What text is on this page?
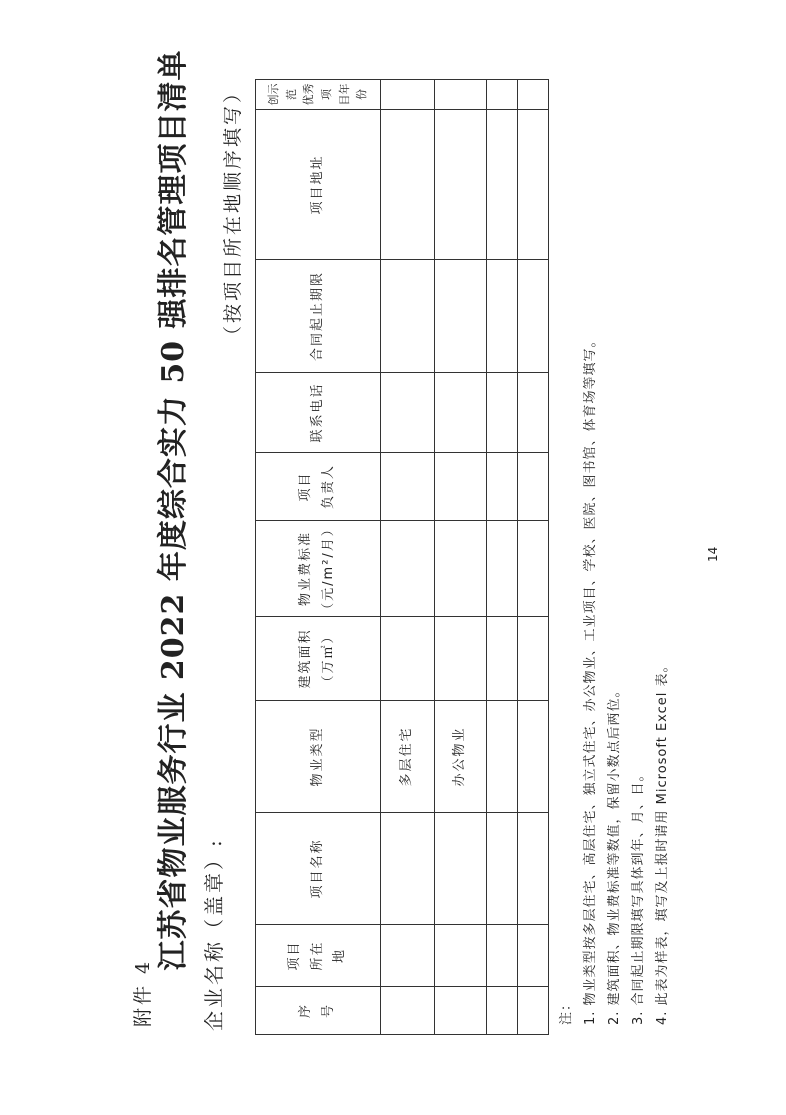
附件 4
江苏省物业服务行业 2022 年度综合实力 50 强排名管理项目清单 企业名称（盖章）:
（按项目所在地顺序填写）
序 号	项目 所在 地	项目名称	物业类型	建筑面积 （万㎡）	物业费标准 （元/m²/月）	项目 负责人	联系电话	合同起止期限	项目地址	创示范 优秀项 目年份
			多层住宅							
			办公物业							

注： 1. 物业类型按多层住宅、高层住宅、独立式住宅、办公物业、工业项目、学校、医院、图书馆、体育场等填写。 2. 建筑面积、物业费标准等数值，保留小数点后两位。 3. 合同起止期限填写具体到年、月、日。 4. 此表为样表，填写及上报时请用 Microsoft Excel 表。
14
